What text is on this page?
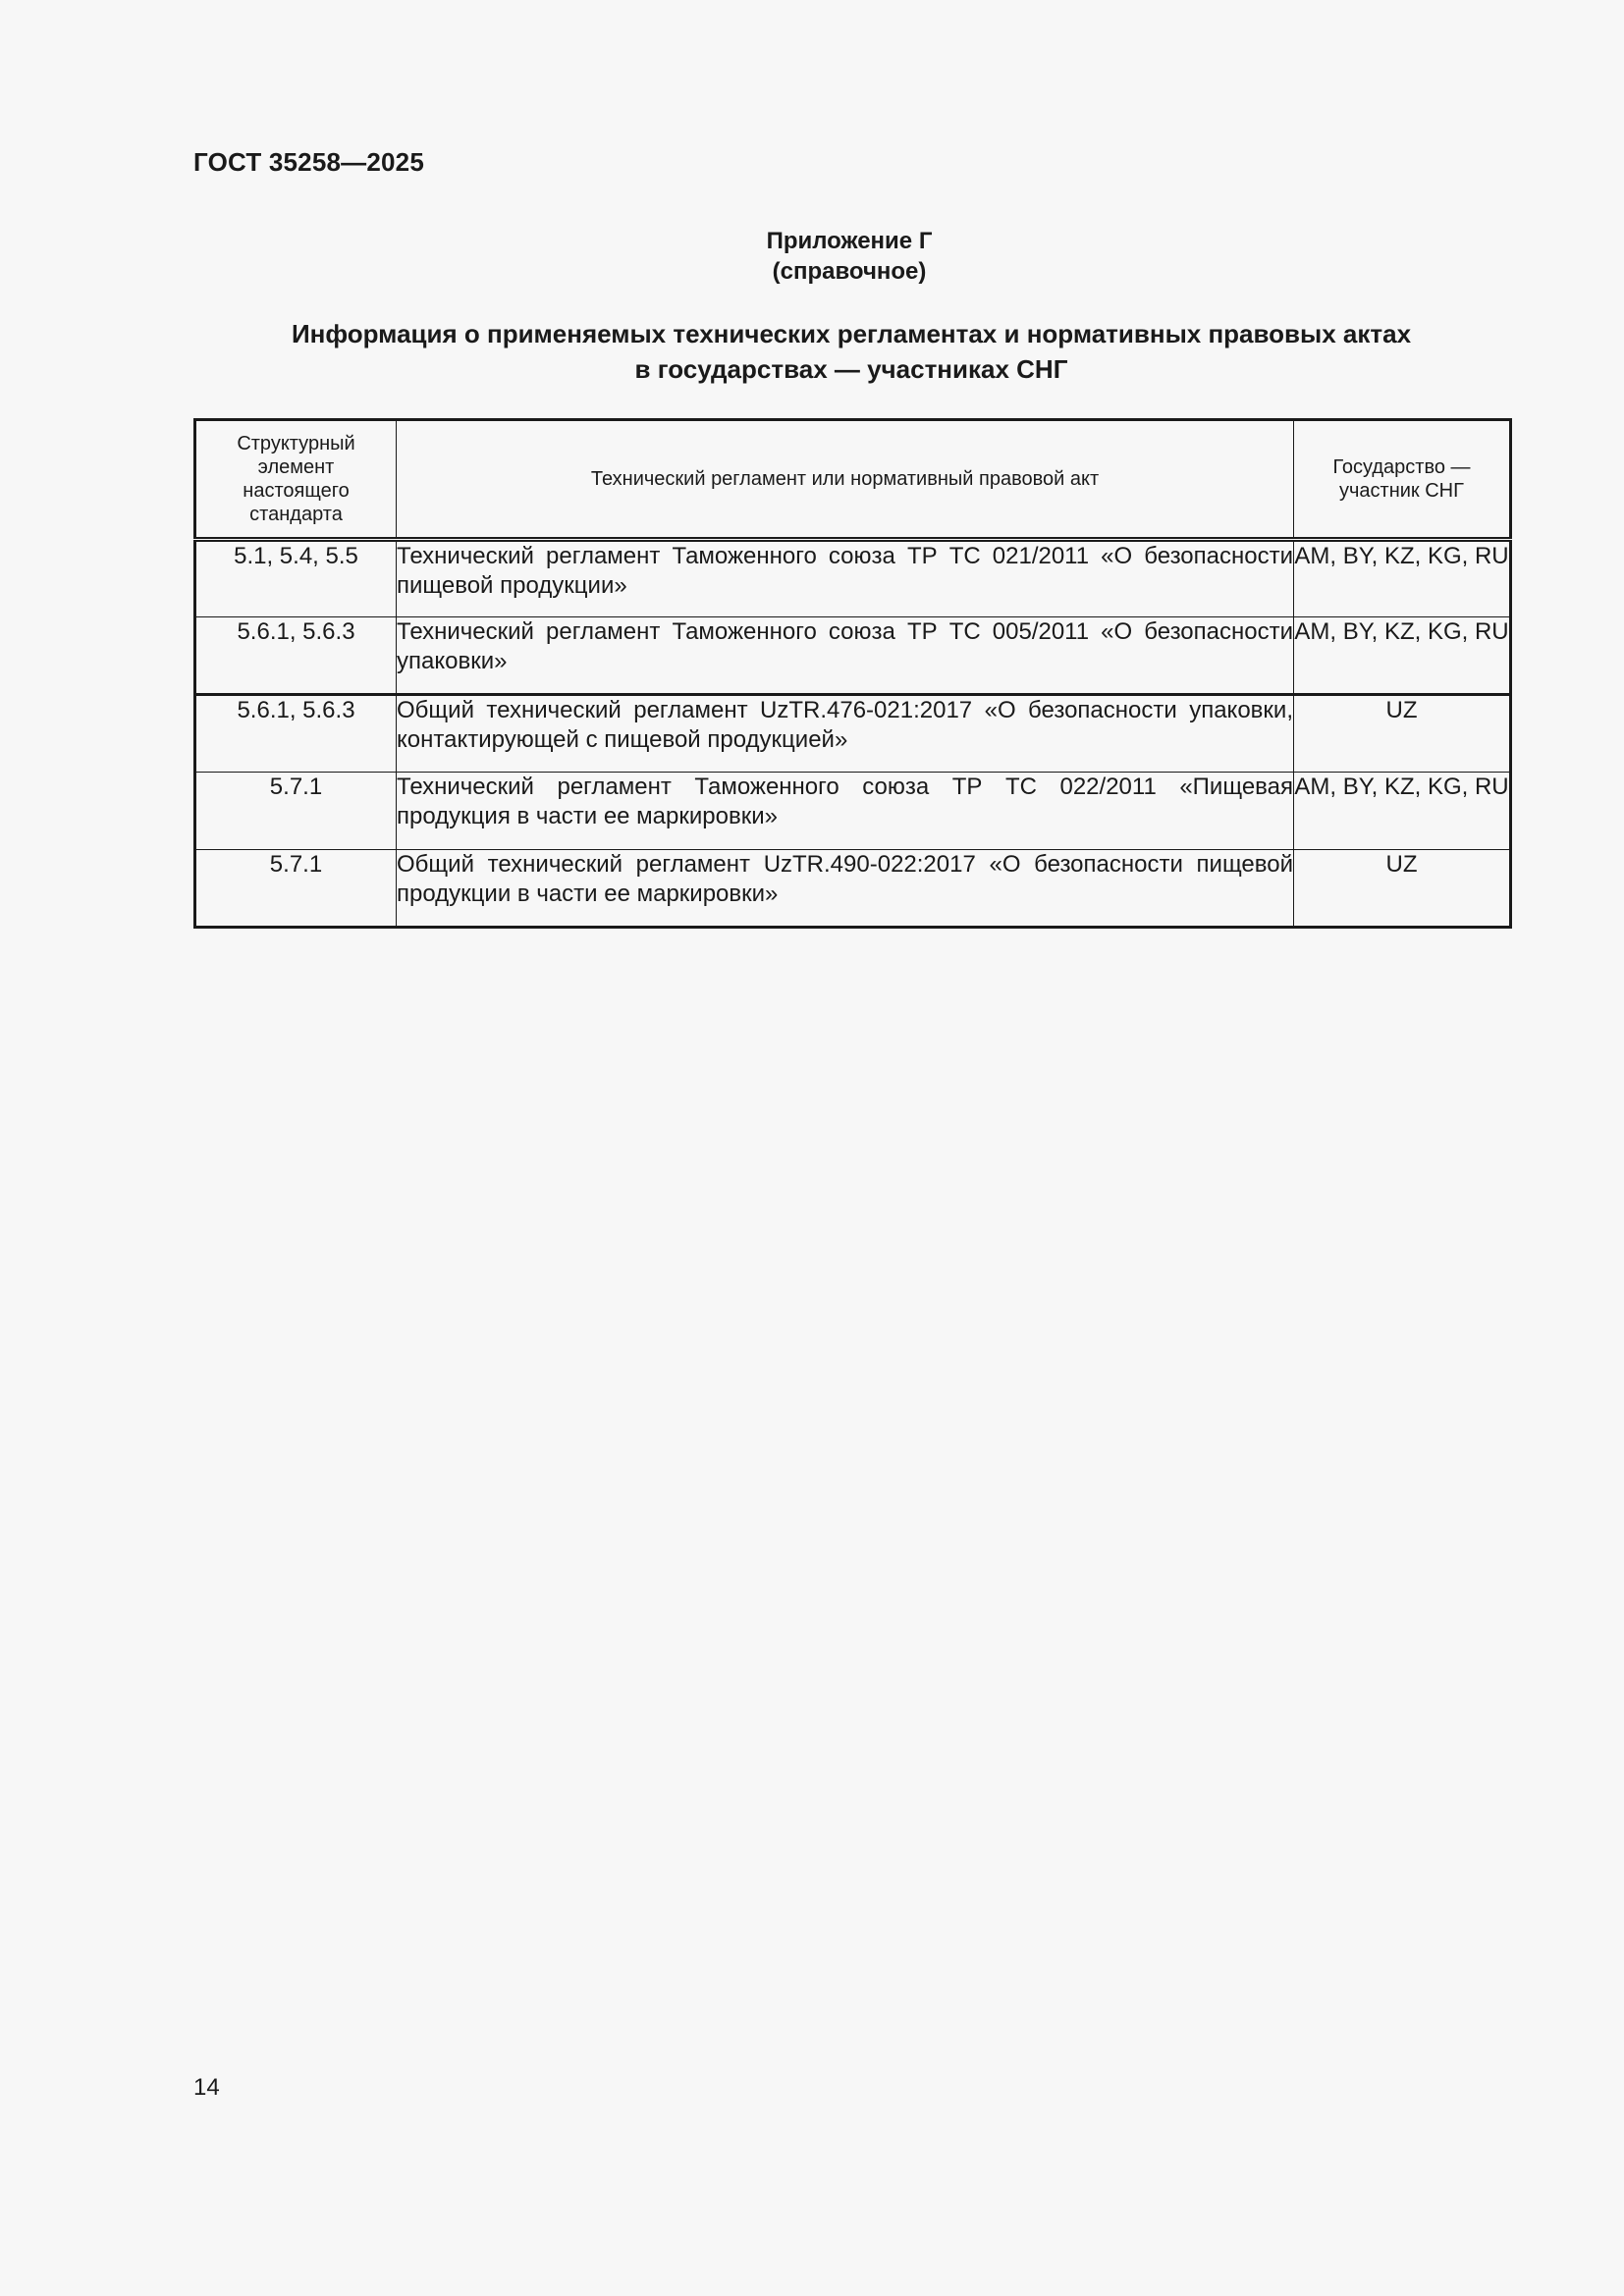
ГОСТ 35258—2025
Приложение Г
(справочное)
Информация о применяемых технических регламентах и нормативных правовых актах
в государствах — участниках СНГ
Структурный элемент настоящего стандарта	Технический регламент или нормативный правовой акт	Государство — участник СНГ
5.1, 5.4, 5.5	Технический регламент Таможенного союза ТР ТС 021/2011 «О безопасности пищевой продукции»	AM, BY, KZ, KG, RU
5.6.1, 5.6.3	Технический регламент Таможенного союза ТР ТС 005/2011 «О безопасности упаковки»	AM, BY, KZ, KG, RU
5.6.1, 5.6.3	Общий технический регламент UzTR.476-021:2017 «О безопасности упаковки, контактирующей с пищевой продукцией»	UZ
5.7.1	Технический регламент Таможенного союза ТР ТС 022/2011 «Пищевая продукция в части ее маркировки»	AM, BY, KZ, KG, RU
5.7.1	Общий технический регламент UzTR.490-022:2017 «О безопасности пищевой продукции в части ее маркировки»	UZ
14
